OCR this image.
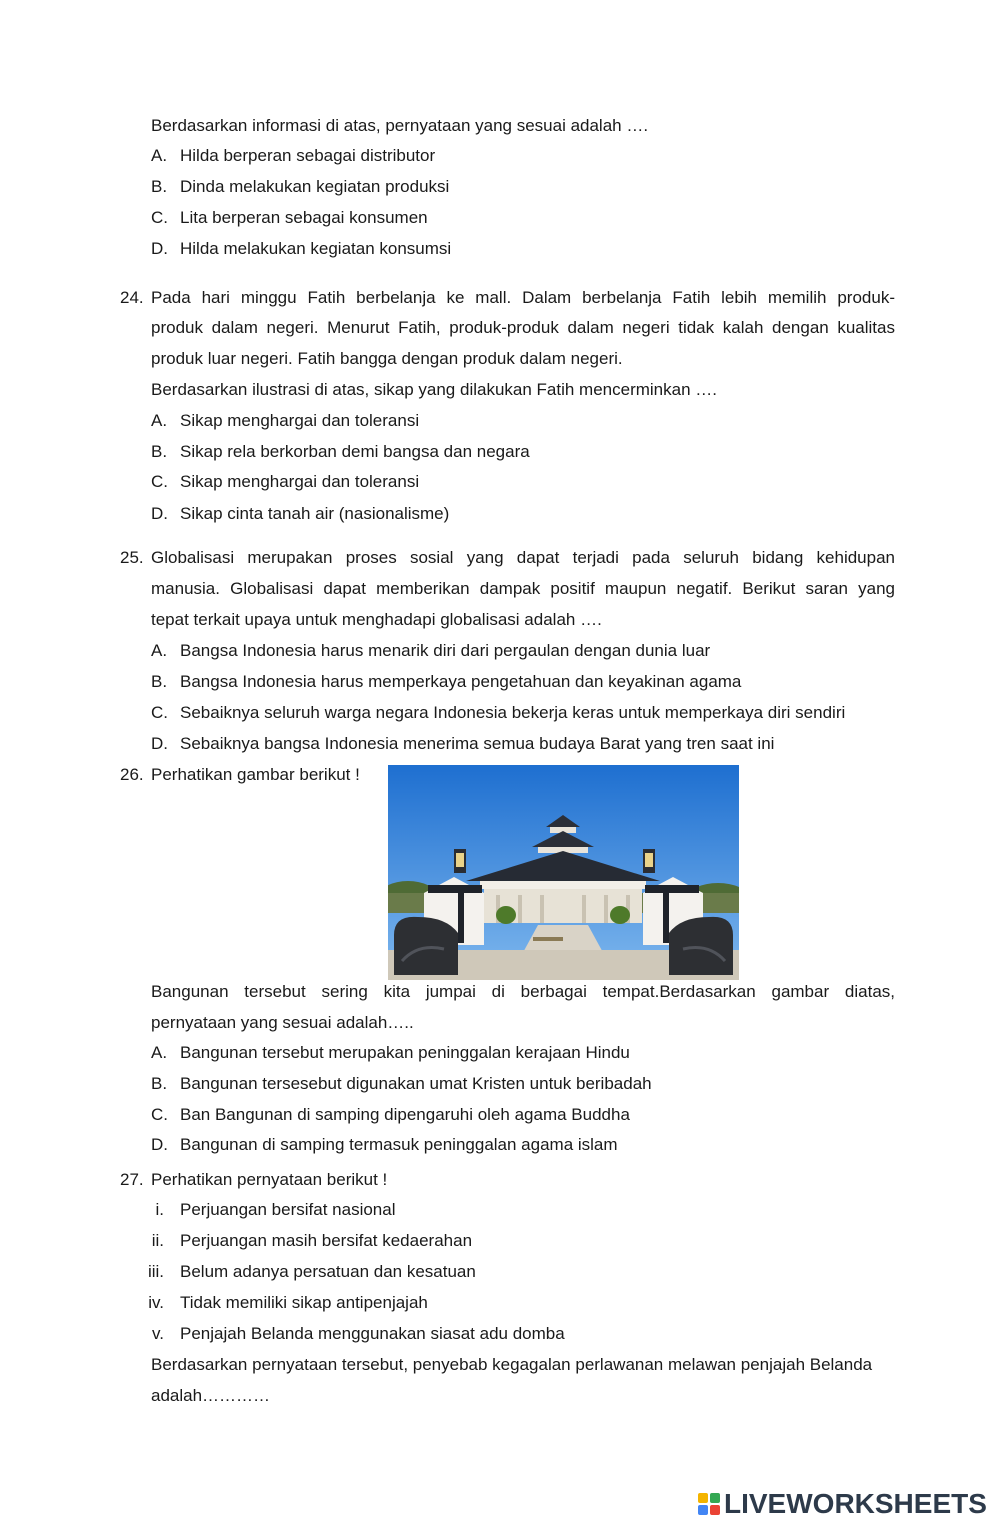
Berdasarkan informasi di atas, pernyataan yang sesuai adalah ….
A. Hilda berperan sebagai distributor
B. Dinda melakukan kegiatan produksi
C. Lita berperan sebagai konsumen
D. Hilda melakukan kegiatan konsumsi
24. Pada hari minggu Fatih berbelanja ke mall. Dalam berbelanja Fatih lebih memilih produk-
produk dalam negeri. Menurut Fatih, produk-produk dalam negeri tidak kalah dengan kualitas
produk luar negeri. Fatih bangga dengan produk dalam negeri.
Berdasarkan ilustrasi di atas, sikap yang dilakukan Fatih mencerminkan ….
A. Sikap menghargai dan toleransi
B. Sikap rela berkorban demi bangsa dan negara
C. Sikap menghargai dan toleransi
D. Sikap cinta tanah air (nasionalisme)
25. Globalisasi merupakan proses sosial yang dapat terjadi pada seluruh bidang kehidupan
manusia. Globalisasi dapat memberikan dampak positif maupun negatif. Berikut saran yang
tepat terkait upaya untuk menghadapi globalisasi adalah ….
A. Bangsa Indonesia harus menarik diri dari pergaulan dengan dunia luar
B. Bangsa Indonesia harus memperkaya pengetahuan dan keyakinan agama
C. Sebaiknya seluruh warga negara Indonesia bekerja keras untuk memperkaya diri sendiri
D. Sebaiknya bangsa Indonesia menerima semua budaya Barat yang tren saat ini
26. Perhatikan gambar berikut !
Bangunan tersebut sering kita jumpai di berbagai tempat.Berdasarkan gambar diatas,
pernyataan yang sesuai adalah…..
A. Bangunan tersebut merupakan peninggalan kerajaan Hindu
B. Bangunan tersesebut digunakan umat Kristen untuk beribadah
C. Ban Bangunan di samping dipengaruhi oleh agama Buddha
D. Bangunan di samping termasuk peninggalan agama islam
27. Perhatikan pernyataan berikut !
i. Perjuangan bersifat nasional
ii. Perjuangan masih bersifat kedaerahan
iii. Belum adanya persatuan dan kesatuan
iv. Tidak memiliki sikap antipenjajah
v. Penjajah Belanda menggunakan siasat adu domba
Berdasarkan pernyataan tersebut, penyebab kegagalan perlawanan melawan penjajah Belanda
adalah…………
LIVEWORKSHEETS
